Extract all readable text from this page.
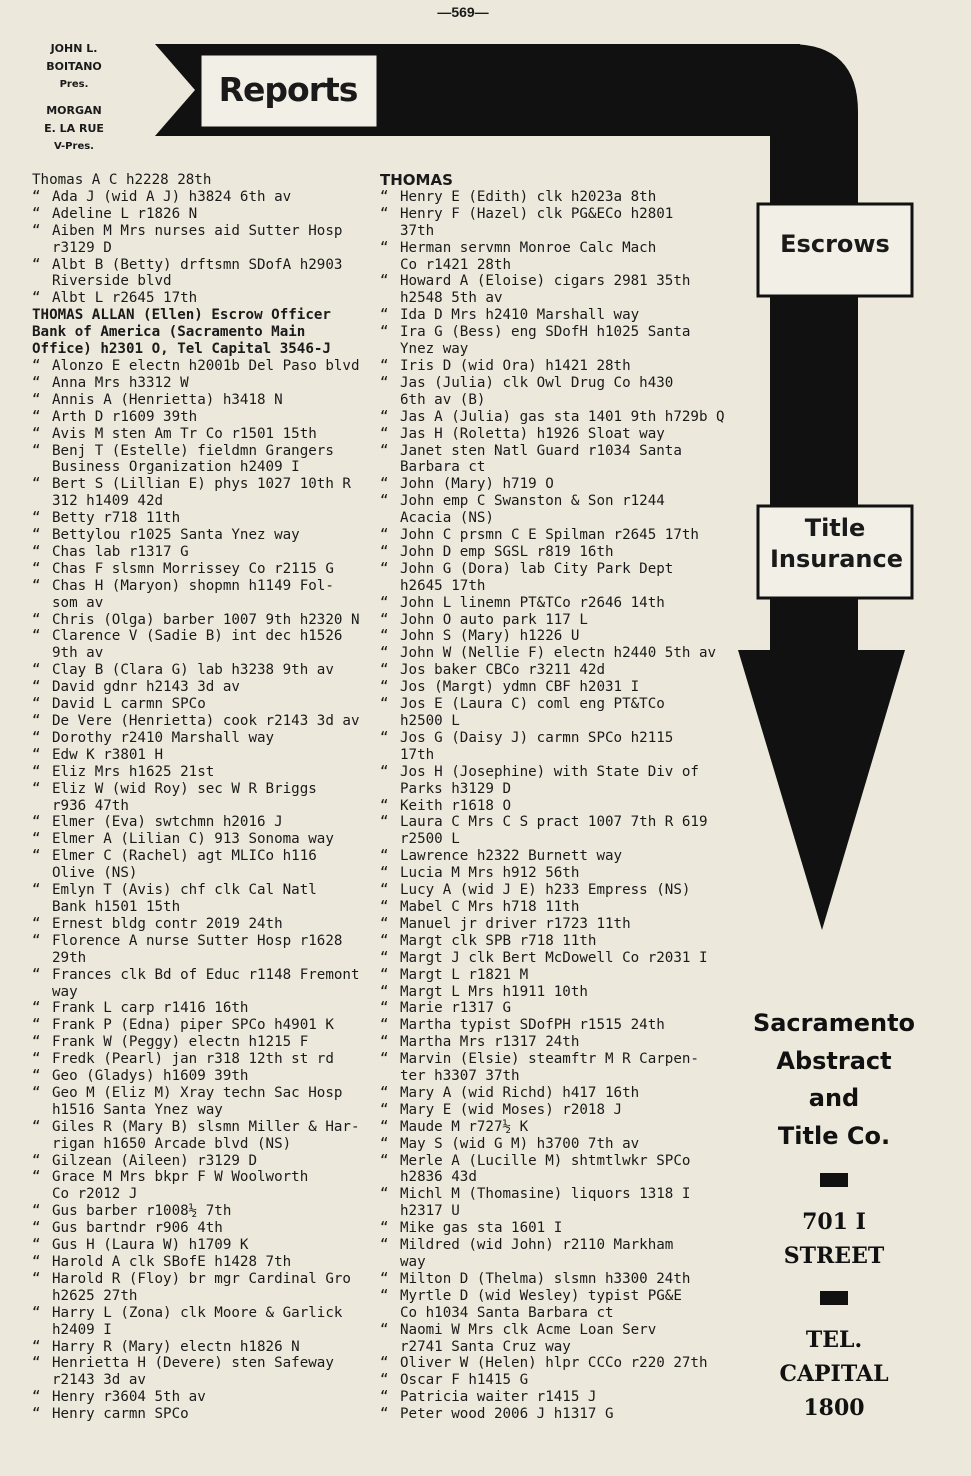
—569—
JOHN L.
BOITANO
Pres.
MORGAN
E. LA RUE
V-Pres.
Reports
Escrows
Title
Insurance
Thomas A C h2228 28th
“ Ada J (wid A J) h3824 6th av
“ Adeline L r1826 N
“ Aiben M Mrs nurses aid Sutter Hosp
r3129 D
“ Albt B (Betty) drftsmn SDofA h2903
Riverside blvd
“ Albt L r2645 17th
THOMAS ALLAN (Ellen) Escrow Officer
Bank of America (Sacramento Main
Office) h2301 O, Tel Capital 3546-J
“ Alonzo E electn h2001b Del Paso blvd
“ Anna Mrs h3312 W
“ Annis A (Henrietta) h3418 N
“ Arth D r1609 39th
“ Avis M sten Am Tr Co r1501 15th
“ Benj T (Estelle) fieldmn Grangers
Business Organization h2409 I
“ Bert S (Lillian E) phys 1027 10th R
312 h1409 42d
“ Betty r718 11th
“ Bettylou r1025 Santa Ynez way
“ Chas lab r1317 G
“ Chas F slsmn Morrissey Co r2115 G
“ Chas H (Maryon) shopmn h1149 Fol-
som av
“ Chris (Olga) barber 1007 9th h2320 N
“ Clarence V (Sadie B) int dec h1526
9th av
“ Clay B (Clara G) lab h3238 9th av
“ David gdnr h2143 3d av
“ David L carmn SPCo
“ De Vere (Henrietta) cook r2143 3d av
“ Dorothy r2410 Marshall way
“ Edw K r3801 H
“ Eliz Mrs h1625 21st
“ Eliz W (wid Roy) sec W R Briggs
r936 47th
“ Elmer (Eva) swtchmn h2016 J
“ Elmer A (Lilian C) 913 Sonoma way
“ Elmer C (Rachel) agt MLICo h116
Olive (NS)
“ Emlyn T (Avis) chf clk Cal Natl
Bank h1501 15th
“ Ernest bldg contr 2019 24th
“ Florence A nurse Sutter Hosp r1628
29th
“ Frances clk Bd of Educ r1148 Fremont
way
“ Frank L carp r1416 16th
“ Frank P (Edna) piper SPCo h4901 K
“ Frank W (Peggy) electn h1215 F
“ Fredk (Pearl) jan r318 12th st rd
“ Geo (Gladys) h1609 39th
“ Geo M (Eliz M) Xray techn Sac Hosp
h1516 Santa Ynez way
“ Giles R (Mary B) slsmn Miller & Har-
rigan h1650 Arcade blvd (NS)
“ Gilzean (Aileen) r3129 D
“ Grace M Mrs bkpr F W Woolworth
Co r2012 J
“ Gus barber r1008½ 7th
“ Gus bartndr r906 4th
“ Gus H (Laura W) h1709 K
“ Harold A clk SBofE h1428 7th
“ Harold R (Floy) br mgr Cardinal Gro
h2625 27th
“ Harry L (Zona) clk Moore & Garlick
h2409 I
“ Harry R (Mary) electn h1826 N
“ Henrietta H (Devere) sten Safeway
r2143 3d av
“ Henry r3604 5th av
“ Henry carmn SPCo
THOMAS
“ Henry E (Edith) clk h2023a 8th
“ Henry F (Hazel) clk PG&ECo h2801
37th
“ Herman servmn Monroe Calc Mach
Co r1421 28th
“ Howard A (Eloise) cigars 2981 35th
h2548 5th av
“ Ida D Mrs h2410 Marshall way
“ Ira G (Bess) eng SDofH h1025 Santa
Ynez way
“ Iris D (wid Ora) h1421 28th
“ Jas (Julia) clk Owl Drug Co h430
6th av (B)
“ Jas A (Julia) gas sta 1401 9th h729b Q
“ Jas H (Roletta) h1926 Sloat way
“ Janet sten Natl Guard r1034 Santa
Barbara ct
“ John (Mary) h719 O
“ John emp C Swanston & Son r1244
Acacia (NS)
“ John C prsmn C E Spilman r2645 17th
“ John D emp SGSL r819 16th
“ John G (Dora) lab City Park Dept
h2645 17th
“ John L linemn PT&TCo r2646 14th
“ John O auto park 117 L
“ John S (Mary) h1226 U
“ John W (Nellie F) electn h2440 5th av
“ Jos baker CBCo r3211 42d
“ Jos (Margt) ydmn CBF h2031 I
“ Jos E (Laura C) coml eng PT&TCo
h2500 L
“ Jos G (Daisy J) carmn SPCo h2115
17th
“ Jos H (Josephine) with State Div of
Parks h3129 D
“ Keith r1618 O
“ Laura C Mrs C S pract 1007 7th R 619
r2500 L
“ Lawrence h2322 Burnett way
“ Lucia M Mrs h912 56th
“ Lucy A (wid J E) h233 Empress (NS)
“ Mabel C Mrs h718 11th
“ Manuel jr driver r1723 11th
“ Margt clk SPB r718 11th
“ Margt J clk Bert McDowell Co r2031 I
“ Margt L r1821 M
“ Margt L Mrs h1911 10th
“ Marie r1317 G
“ Martha typist SDofPH r1515 24th
“ Martha Mrs r1317 24th
“ Marvin (Elsie) steamftr M R Carpen-
ter h3307 37th
“ Mary A (wid Richd) h417 16th
“ Mary E (wid Moses) r2018 J
“ Maude M r727½ K
“ May S (wid G M) h3700 7th av
“ Merle A (Lucille M) shtmtlwkr SPCo
h2836 43d
“ Michl M (Thomasine) liquors 1318 I
h2317 U
“ Mike gas sta 1601 I
“ Mildred (wid John) r2110 Markham
way
“ Milton D (Thelma) slsmn h3300 24th
“ Myrtle D (wid Wesley) typist PG&E
Co h1034 Santa Barbara ct
“ Naomi W Mrs clk Acme Loan Serv
r2741 Santa Cruz way
“ Oliver W (Helen) hlpr CCCo r220 27th
“ Oscar F h1415 G
“ Patricia waiter r1415 J
“ Peter wood 2006 J h1317 G
Sacramento
Abstract
and
Title Co.
701 I
STREET
TEL.
CAPITAL
1800
